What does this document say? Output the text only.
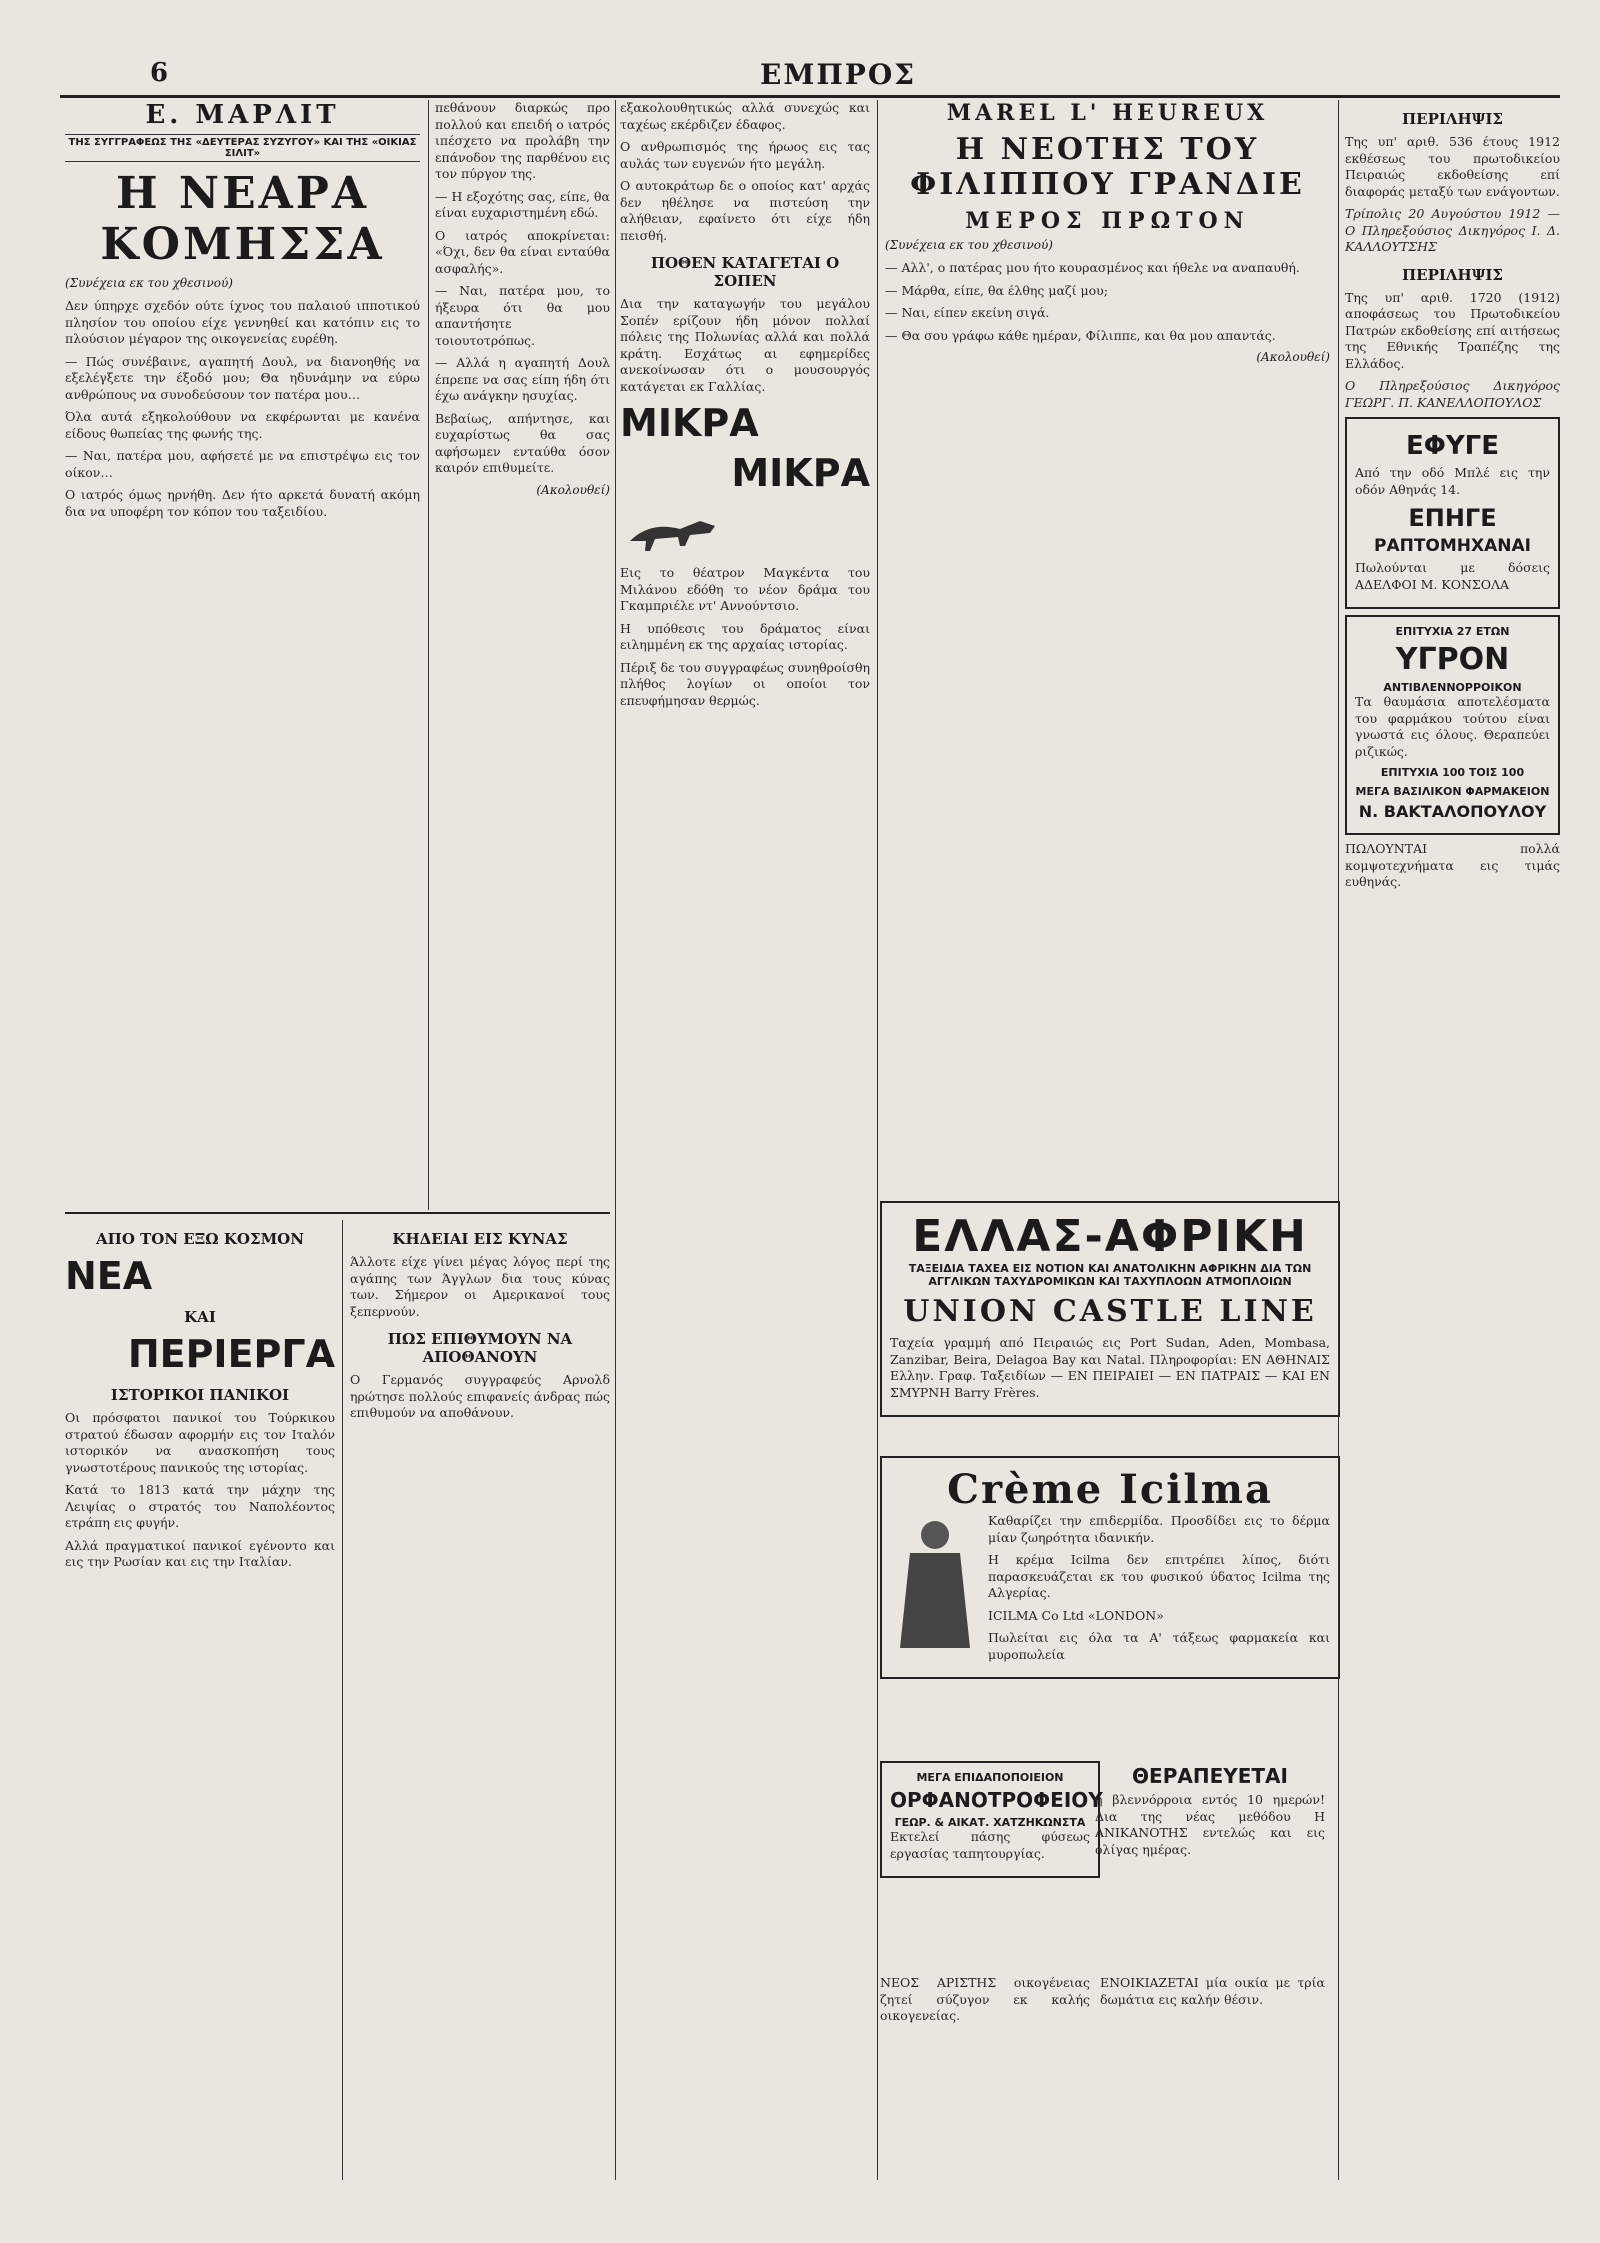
6	ΕΜΠΡΟΣ
Ε. ΜΑΡΛΙΤ
ΤΗΣ ΣΥΓΓΡΑΦΕΩΣ ΤΗΣ «ΔΕΥΤΕΡΑΣ ΣΥΖΥΓΟΥ» ΚΑΙ ΤΗΣ «ΟΙΚΙΑΣ ΣΙΛΙΤ»
Η ΝΕΑΡΑ ΚΟΜΗΣΣΑ
(Συνέχεια εκ του χθεσινού)

Δεν ύπηρχε σχεδόν ούτε ίχνος του παλαιού ιπποτικού πλησίον του οποίου είχε γεννηθεί και κατόπιν εις το πλούσιον μέγαρον της οικογενείας ευρέθη.

— Πώς συνέβαινε, αγαπητή Δουλ, να διανοηθής να εξελέγξετε την έξοδό μου; Θα ηδυνάμην να εύρω ανθρώπους να συνοδεύσουν τον πατέρα μου…

Όλα αυτά εξηκολούθουν να εκφέρωνται με κανένα είδους θωπείας της φωνής της.

— Ναι, πατέρα μου, αφήσετέ με να επιστρέψω εις τον οίκον…

Ο ιατρός όμως ηρνήθη. Δεν ήτο αρκετά δυνατή ακόμη δια να υποφέρη τον κόπον του ταξειδίου.

πεθάνουν διαρκώς προ πολλού και επειδή ο ιατρός ιπέσχετο να προλάβη την επάνοδον της παρθένου εις τον πύργον της.

— Η εξοχότης σας, είπε, θα είναι ευχαριστημένη εδώ.

Ο ιατρός αποκρίνεται: «Όχι, δεν θα είναι ενταύθα ασφαλής».

— Ναι, πατέρα μου, το ήξευρα ότι θα μου απαντήσητε τοιουτοτρόπως.

— Αλλά η αγαπητή Δουλ έπρεπε να σας είπη ήδη ότι έχω ανάγκην ησυχίας.

Βεβαίως, απήντησε, και ευχαρίστως θα σας αφήσωμεν ενταύθα όσον καιρόν επιθυμείτε.

(Ακολουθεί)
ΑΠΟ ΤΟΝ ΕΞΩ ΚΟΣΜΟΝ
ΝΕΑ
ΚΑΙ
ΠΕΡΙΕΡΓΑ
ΙΣΤΟΡΙΚΟΙ ΠΑΝΙΚΟΙ

Οι πρόσφατοι πανικοί του Τούρκικου στρατού έδωσαν αφορμήν εις τον Ιταλόν ιστορικόν να ανασκοπήση τους γνωστοτέρους πανικούς της ιστορίας.

Κατά το 1813 κατά την μάχην της Λειψίας ο στρατός του Ναπολέοντος ετράπη εις φυγήν.

Αλλά πραγματικοί πανικοί εγένοντο και εις την Ρωσίαν και εις την Ιταλίαν.

ΚΗΔΕΙΑΙ ΕΙΣ ΚΥΝΑΣ

Άλλοτε είχε γίνει μέγας λόγος περί της αγάπης των Άγγλων δια τους κύνας των. Σήμερον οι Αμερικανοί τους ξεπερνούν.

ΠΩΣ ΕΠΙΘΥΜΟΥΝ ΝΑ ΑΠΟΘΑΝΟΥΝ

Ο Γερμανός συγγραφεύς Αρνολδ ηρώτησε πολλούς επιφανείς άνδρας πώς επιθυμούν να αποθάνουν.

εξακολουθητικώς αλλά συνεχώς και ταχέως εκέρδιζεν έδαφος.

Ο ανθρωπισμός της ήρωος εις τας αυλάς των ευγενών ήτο μεγάλη.

Ο αυτοκράτωρ δε ο οποίος κατ' αρχάς δεν ηθέλησε να πιστεύση την αλήθειαν, εφαίνετο ότι είχε ήδη πεισθή.

ΠΟΘΕΝ ΚΑΤΑΓΕΤΑΙ Ο ΣΟΠΕΝ

Δια την καταγωγήν του μεγάλου Σοπέν ερίζουν ήδη μόνον πολλαί πόλεις της Πολωνίας αλλά και πολλά κράτη. Εσχάτως αι εφημερίδες ανεκοίνωσαν ότι ο μουσουργός κατάγεται εκ Γαλλίας.

ΜΙΚΡΑ
ΜΙΚΡΑ

Εις το θέατρον Μαγκέντα του Μιλάνου εδόθη το νέον δράμα του Γκαμπριέλε ντ' Αννούντσιο.

Η υπόθεσις του δράματος είναι ειλημμένη εκ της αρχαίας ιστορίας.

Πέριξ δε του συγγραφέως συνηθροίσθη πλήθος λογίων οι οποίοι τον επευφήμησαν θερμώς.

MAREL L' HEUREUX
Η ΝΕΟΤΗΣ ΤΟΥ ΦΙΛΙΠΠΟΥ ΓΡΑΝΔΙΕ
ΜΕΡΟΣ ΠΡΩΤΟΝ
(Συνέχεια εκ του χθεσινού)

— Αλλ', ο πατέρας μου ήτο κουρασμένος και ήθελε να αναπαυθή.

— Μάρθα, είπε, θα έλθης μαζί μου;

— Ναι, είπεν εκείνη σιγά.

— Θα σου γράφω κάθε ημέραν, Φίλιππε, και θα μου απαντάς.

(Ακολουθεί)
ΕΛΛΑΣ-ΑΦΡΙΚΗ
ΤΑΞΕΙΔΙΑ ΤΑΧΕΑ ΕΙΣ ΝΟΤΙΟΝ ΚΑΙ ΑΝΑΤΟΛΙΚΗΝ ΑΦΡΙΚΗΝ ΔΙΑ ΤΩΝ ΑΓΓΛΙΚΩΝ ΤΑΧΥΔΡΟΜΙΚΩΝ ΚΑΙ ΤΑΧΥΠΛΟΩΝ ΑΤΜΟΠΛΟΙΩΝ
UNION CASTLE LINE

Ταχεία γραμμή από Πειραιώς εις Port Sudan, Aden, Mombasa, Zanzibar, Beira, Delagoa Bay και Natal. Πληροφορίαι: ΕΝ ΑΘΗΝΑΙΣ Ελλην. Γραφ. Ταξειδίων — ΕΝ ΠΕΙΡΑΙΕΙ — ΕΝ ΠΑΤΡΑΙΣ — ΚΑΙ ΕΝ ΣΜΥΡΝΗ Barry Frères.

Crème Icilma

Καθαρίζει την επιδερμίδα. Προσδίδει εις το δέρμα μίαν ζωηρότητα ιδανικήν.

Η κρέμα Icilma δεν επιτρέπει λίπος, διότι παρασκευάζεται εκ του φυσικού ύδατος Icilma της Αλγερίας.

ICILMA Co Ltd «LONDON»

Πωλείται εις όλα τα Α' τάξεως φαρμακεία και μυροπωλεία

ΜΕΓΑ ΕΠΙΔΑΠΟΠΟΙΕΙΟΝ
ΟΡΦΑΝΟΤΡΟΦΕΙΟΥ
ΓΕΩΡ. & ΑΙΚΑΤ. ΧΑΤΖΗΚΩΝΣΤΑ

Εκτελεί πάσης φύσεως εργασίας ταπητουργίας.

ΘΕΡΑΠΕΥΕΤΑΙ

η βλεννόρροια εντός 10 ημερών! Δια της νέας μεθόδου Η ΑΝΙΚΑΝΟΤΗΣ εντελώς και εις ολίγας ημέρας.

ΝΕΟΣ ΑΡΙΣΤΗΣ οικογένειας ζητεί σύζυγον εκ καλής οικογενείας.

ΕΝΟΙΚΙΑΖΕΤΑΙ μία οικία με τρία δωμάτια εις καλήν θέσιν.

ΠΕΡΙΛΗΨΙΣ

Της υπ' αριθ. 536 έτους 1912 εκθέσεως του πρωτοδικείου Πειραιώς εκδοθείσης επί διαφοράς μεταξύ των ενάγοντων.

Τρίπολις 20 Αυγούστου 1912 — Ο Πληρεξούσιος Δικηγόρος Ι. Δ. ΚΑΛΛΟΥΤΣΗΣ

ΠΕΡΙΛΗΨΙΣ

Της υπ' αριθ. 1720 (1912) αποφάσεως του Πρωτοδικείου Πατρών εκδοθείσης επί αιτήσεως της Εθνικής Τραπέζης της Ελλάδος.

Ο Πληρεξούσιος Δικηγόρος ΓΕΩΡΓ. Π. ΚΑΝΕΛΛΟΠΟΥΛΟΣ

ΕΦΥΓΕ

Από την οδό Μπλέ εις την οδόν Αθηνάς 14.

ΕΠΗΓΕ
ΡΑΠΤΟΜΗΧΑΝΑΙ

Πωλούνται με δόσεις ΑΔΕΛΦΟΙ Μ. ΚΟΝΣΟΛΑ

ΕΠΙΤΥΧΙΑ 27 ΕΤΩΝ
ΥΓΡΟΝ
ΑΝΤΙΒΛΕΝΝΟΡΡΟΙΚΟΝ

Τα θαυμάσια αποτελέσματα του φαρμάκου τούτου είναι γνωστά εις όλους. Θεραπεύει ριζικώς.

ΕΠΙΤΥΧΙΑ 100 ΤΟΙΣ 100
ΜΕΓΑ ΒΑΣΙΛΙΚΟΝ ΦΑΡΜΑΚΕΙΟΝ
Ν. ΒΑΚΤΑΛΟΠΟΥΛΟΥ

ΠΩΛΟΥΝΤΑΙ πολλά κομψοτεχνήματα εις τιμάς ευθηνάς.
